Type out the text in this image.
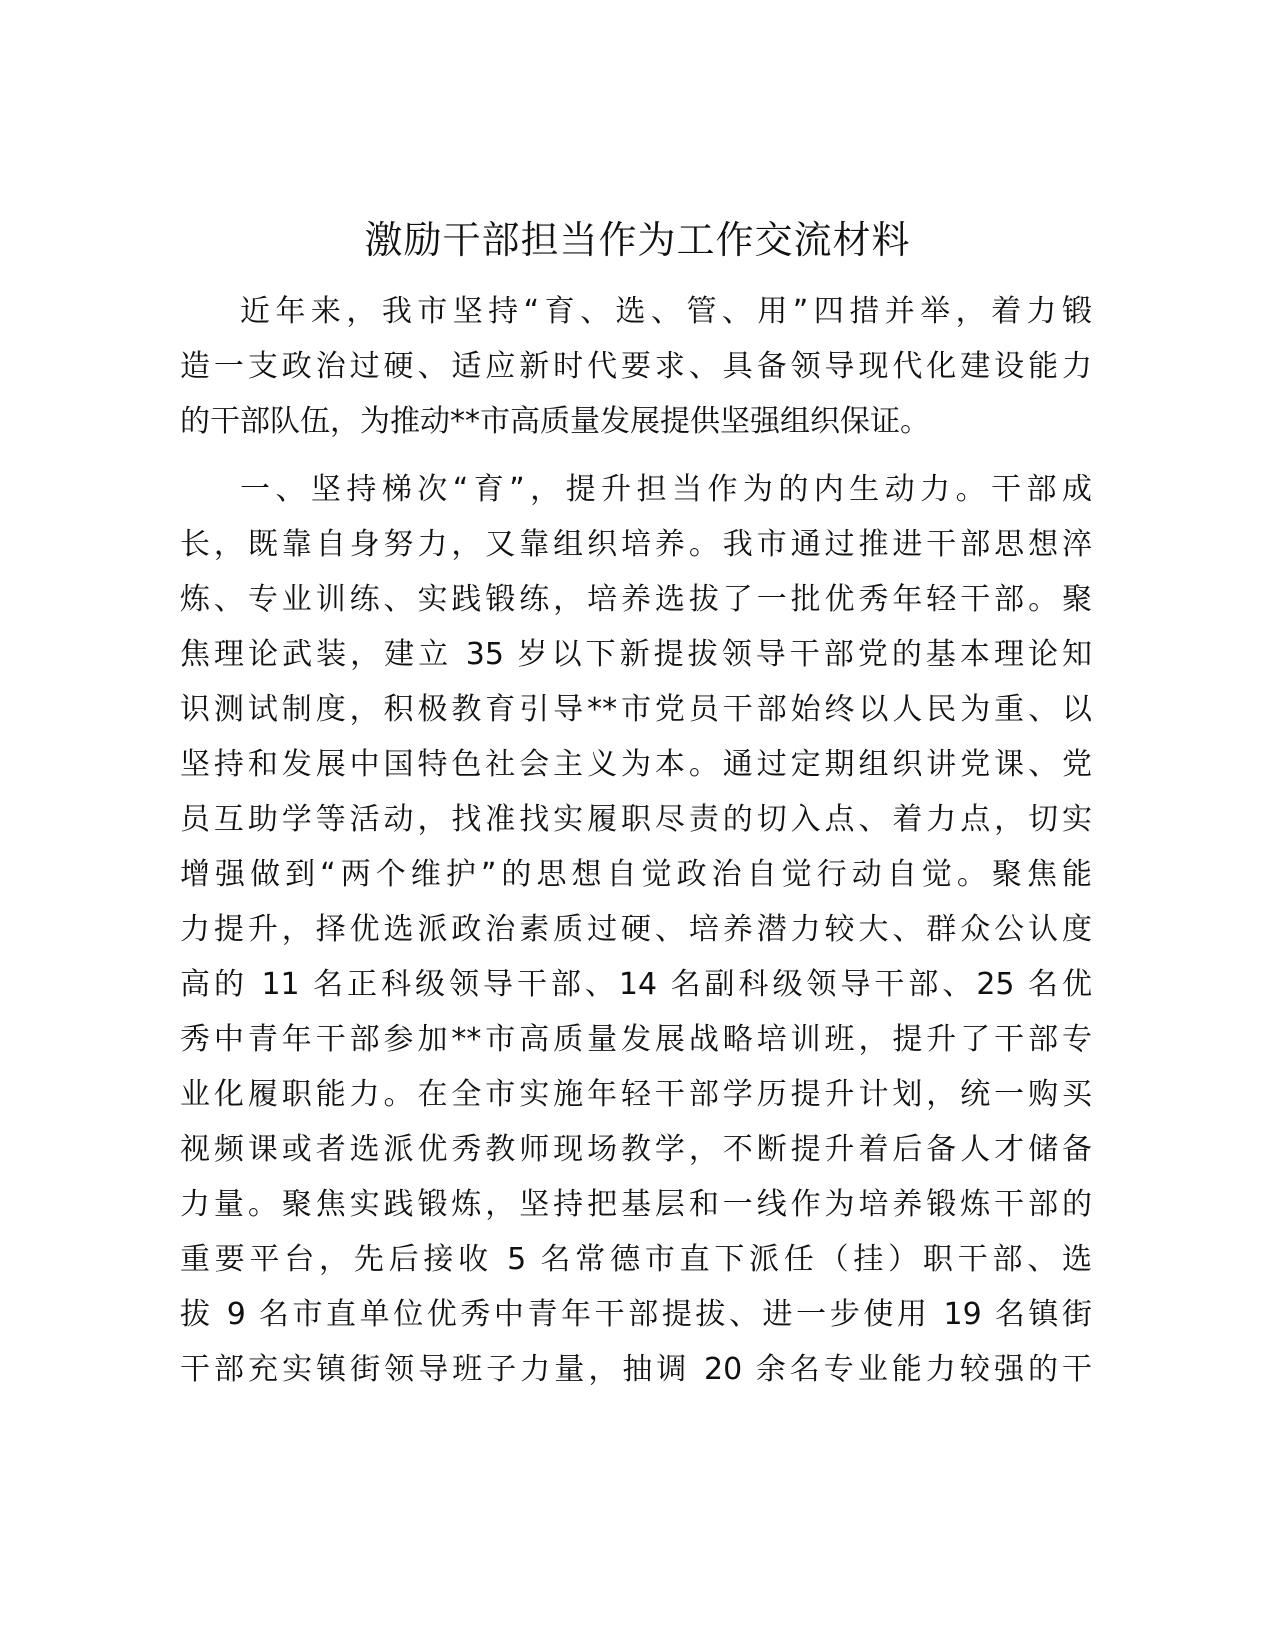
激励干部担当作为工作交流材料
近年来，我市坚持“育、选、管、用”四措并举，着力锻
造一支政治过硬、适应新时代要求、具备领导现代化建设能力
的干部队伍，为推动**市高质量发展提供坚强组织保证。
一、坚持梯次“育”，提升担当作为的内生动力。干部成
长，既靠自身努力，又靠组织培养。我市通过推进干部思想淬
炼、专业训练、实践锻练，培养选拔了一批优秀年轻干部。聚
焦理论武装，建立 35 岁以下新提拔领导干部党的基本理论知
识测试制度，积极教育引导**市党员干部始终以人民为重、以
坚持和发展中国特色社会主义为本。通过定期组织讲党课、党
员互助学等活动，找准找实履职尽责的切入点、着力点，切实
增强做到“两个维护”的思想自觉政治自觉行动自觉。聚焦能
力提升，择优选派政治素质过硬、培养潜力较大、群众公认度
高的 11 名正科级领导干部、14 名副科级领导干部、25 名优
秀中青年干部参加**市高质量发展战略培训班，提升了干部专
业化履职能力。在全市实施年轻干部学历提升计划，统一购买
视频课或者选派优秀教师现场教学，不断提升着后备人才储备
力量。聚焦实践锻炼，坚持把基层和一线作为培养锻炼干部的
重要平台，先后接收 5 名常德市直下派任（挂）职干部、选
拔 9 名市直单位优秀中青年干部提拔、进一步使用 19 名镇街
干部充实镇街领导班子力量，抽调 20 余名专业能力较强的干
